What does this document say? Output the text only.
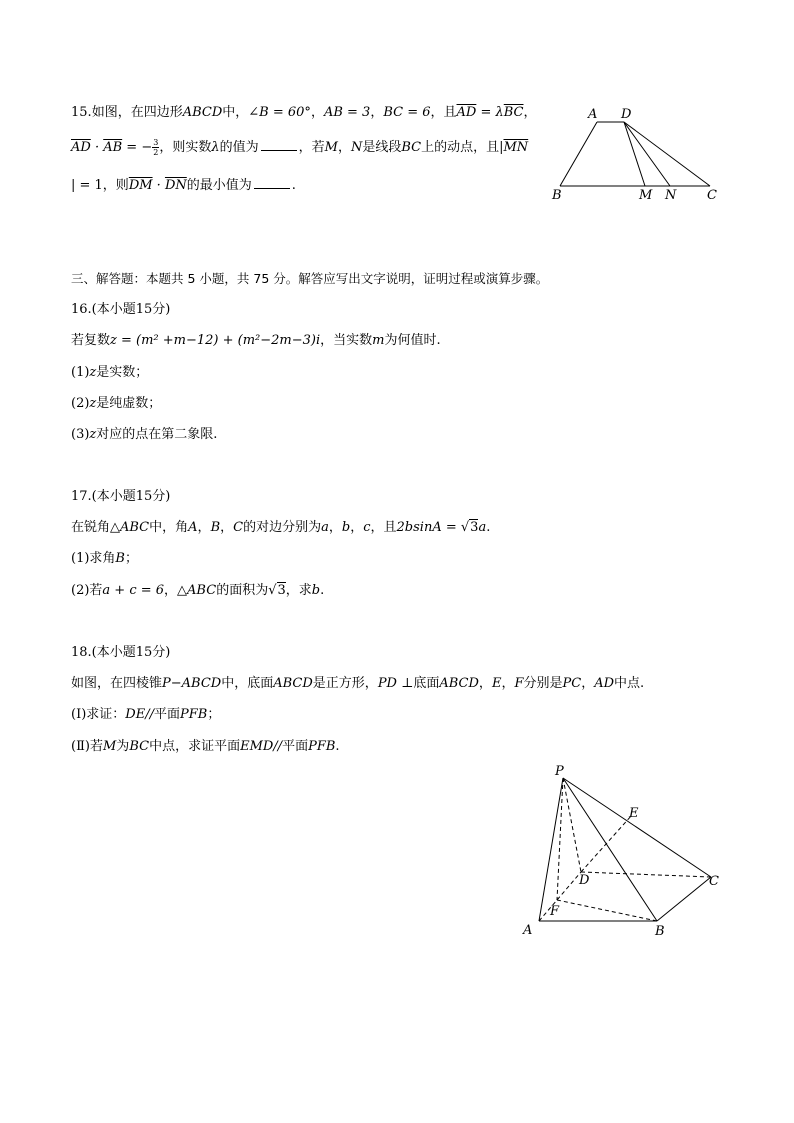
15.如图，在四边形ABCD中，∠B = 60°，AB = 3，BC = 6，且$\overline{AD} = \lambda\overline{BC}$，
$\overline{AD} \cdot \overline{AB}$ = − $\frac{3}{2}$ ，则实数λ的值为	，若M，N是线段BC上的动点，且$|\overline{MN}$
| = 1，则$\overline{DM} \cdot \overline{DN}$的最小值为	.
A D
B	M N C
三、解答题：本题共 5 小题，共 75 分。解答应写出文字说明，证明过程或演算步骤。
16.(本小题15分)
若复数z = (m² +m−12) + (m²−2m−3)i，当实数m为何值时.
(1)z是实数；
(2)z是纯虚数；
(3)z对应的点在第二象限.
17.(本小题15分)
在锐角△ABC中，角A，B，C的对边分别为a，b，c，且2bsinA = √3a.
(1)求角B；
(2)若a + c = 6，△ABC的面积为√3，求b.
18.(本小题15分)
如图，在四棱锥P−ABCD中，底面ABCD是正方形，PD ⊥底面ABCD，E，F分别是PC，AD中点.
(Ⅰ)求证：DE//平面PFB；
(Ⅱ)若M为BC中点，求证平面EMD//平面PFB.
P
E
D	C
F
A	B
